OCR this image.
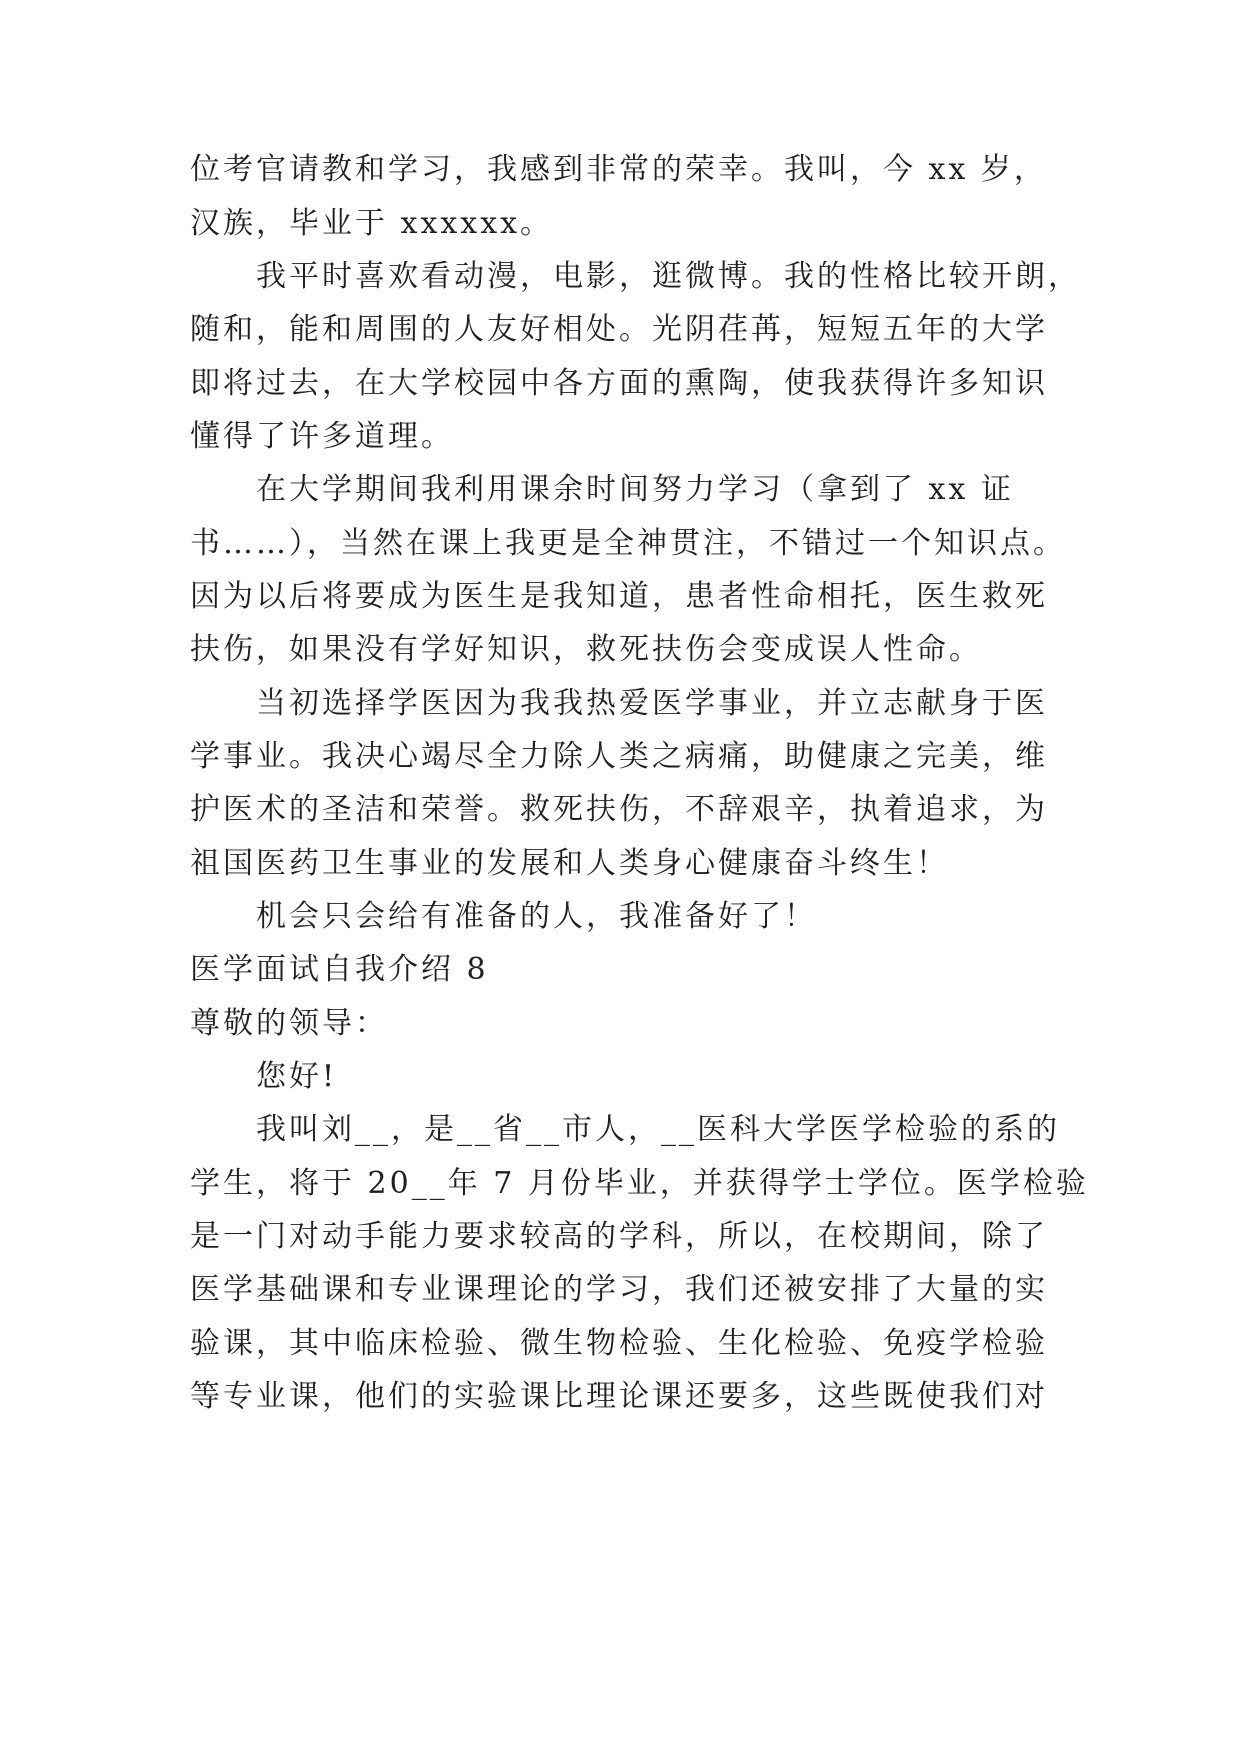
位考官请教和学习，我感到非常的荣幸。我叫，今 xx 岁，
汉族，毕业于 xxxxxx。
我平时喜欢看动漫，电影，逛微博。我的性格比较开朗，
随和，能和周围的人友好相处。光阴荏苒，短短五年的大学
即将过去，在大学校园中各方面的熏陶，使我获得许多知识
懂得了许多道理。
在大学期间我利用课余时间努力学习（拿到了 xx 证
书……），当然在课上我更是全神贯注，不错过一个知识点。
因为以后将要成为医生是我知道，患者性命相托，医生救死
扶伤，如果没有学好知识，救死扶伤会变成误人性命。
当初选择学医因为我我热爱医学事业，并立志献身于医
学事业。我决心竭尽全力除人类之病痛，助健康之完美，维
护医术的圣洁和荣誉。救死扶伤，不辞艰辛，执着追求，为
祖国医药卫生事业的发展和人类身心健康奋斗终生！
机会只会给有准备的人，我准备好了！
医学面试自我介绍 8
尊敬的领导：
您好!
我叫刘__，是__省__市人，__医科大学医学检验的系的
学生，将于 20__年 7 月份毕业，并获得学士学位。医学检验
是一门对动手能力要求较高的学科，所以，在校期间，除了
医学基础课和专业课理论的学习，我们还被安排了大量的实
验课，其中临床检验、微生物检验、生化检验、免疫学检验
等专业课，他们的实验课比理论课还要多，这些既使我们对
